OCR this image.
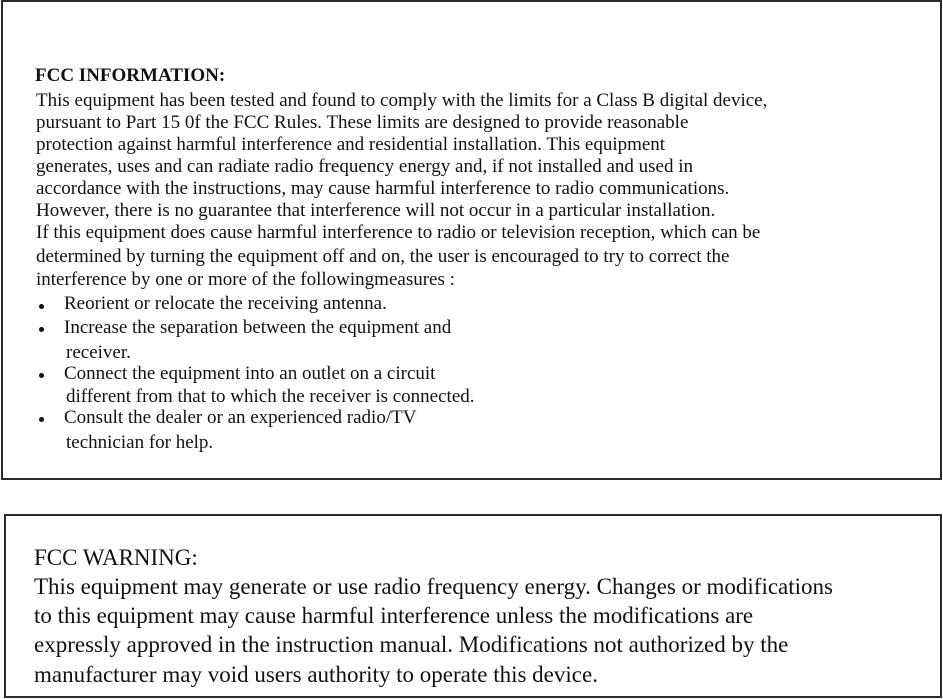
FCC INFORMATION:
This equipment has been tested and found to comply with the limits for a Class B digital device,
pursuant to Part 15 0f the FCC Rules. These limits are designed to provide reasonable
protection against harmful interference and residential installation. This equipment
generates, uses and can radiate radio frequency energy and, if not installed and used in
accordance with the instructions, may cause harmful interference to radio communications.
However, there is no guarantee that interference will not occur in a particular installation.
If this equipment does cause harmful interference to radio or television reception, which can be
determined by turning the equipment off and on, the user is encouraged to try to correct the
interference by one or more of the followingmeasures :
Reorient or relocate the receiving antenna.
Increase the separation between the equipment and
receiver.
Connect the equipment into an outlet on a circuit
different from that to which the receiver is connected.
Consult the dealer or an experienced radio/TV
technician for help.
FCC WARNING:
This equipment may generate or use radio frequency energy. Changes or modifications
to this equipment may cause harmful interference unless the modifications are
expressly approved in the instruction manual. Modifications not authorized by the
manufacturer may void users authority to operate this device.
